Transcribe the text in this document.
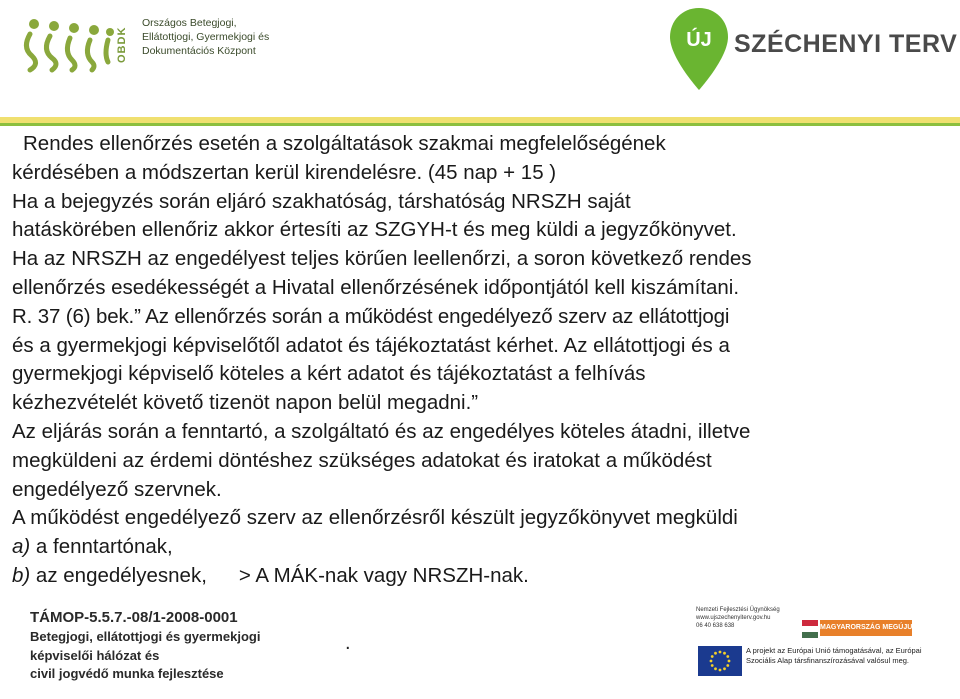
OBDK
Országos Betegjogi,
Ellátottjogi, Gyermekjogi és
Dokumentációs Központ	ÚJ SZÉCHENYI TERV
Rendes ellenőrzés esetén a szolgáltatások szakmai megfelelőségének
kérdésében a módszertan kerül kirendelésre. (45 nap + 15 )
Ha a bejegyzés során eljáró szakhatóság, társhatóság NRSZH saját
hatáskörében ellenőriz akkor értesíti az SZGYH-t és meg küldi a jegyzőkönyvet.
Ha az NRSZH az engedélyest teljes körűen leellenőrzi, a soron következő rendes
ellenőrzés esedékességét a Hivatal ellenőrzésének időpontjától kell kiszámítani.
R. 37 (6) bek.” Az ellenőrzés során a működést engedélyező szerv az ellátottjogi
és a gyermekjogi képviselőtől adatot és tájékoztatást kérhet. Az ellátottjogi és a
gyermekjogi képviselő köteles a kért adatot és tájékoztatást a felhívás
kézhezvételét követő tizenöt napon belül megadni.”
Az eljárás során a fenntartó, a szolgáltató és az engedélyes köteles átadni, illetve
megküldeni az érdemi döntéshez szükséges adatokat és iratokat a működést
engedélyező szervnek.
A működést engedélyező szerv az ellenőrzésről készült jegyzőkönyvet megküldi
a) a fenntartónak,
b) az engedélyesnek, > A MÁK-nak vagy NRSZH-nak.
TÁMOP-5.5.7.-08/1-2008-0001
Betegjogi, ellátottjogi és gyermekjogi
képviselői hálózat és
civil jogvédő munka fejlesztése
.
Nemzeti Fejlesztési Ügynökség
www.ujszechenyiterv.gov.hu
06 40 638 638	MAGYARORSZÁG MEGÚJUL
A projekt az Európai Unió támogatásával, az Európai
Szociális Alap társfinanszírozásával valósul meg.
